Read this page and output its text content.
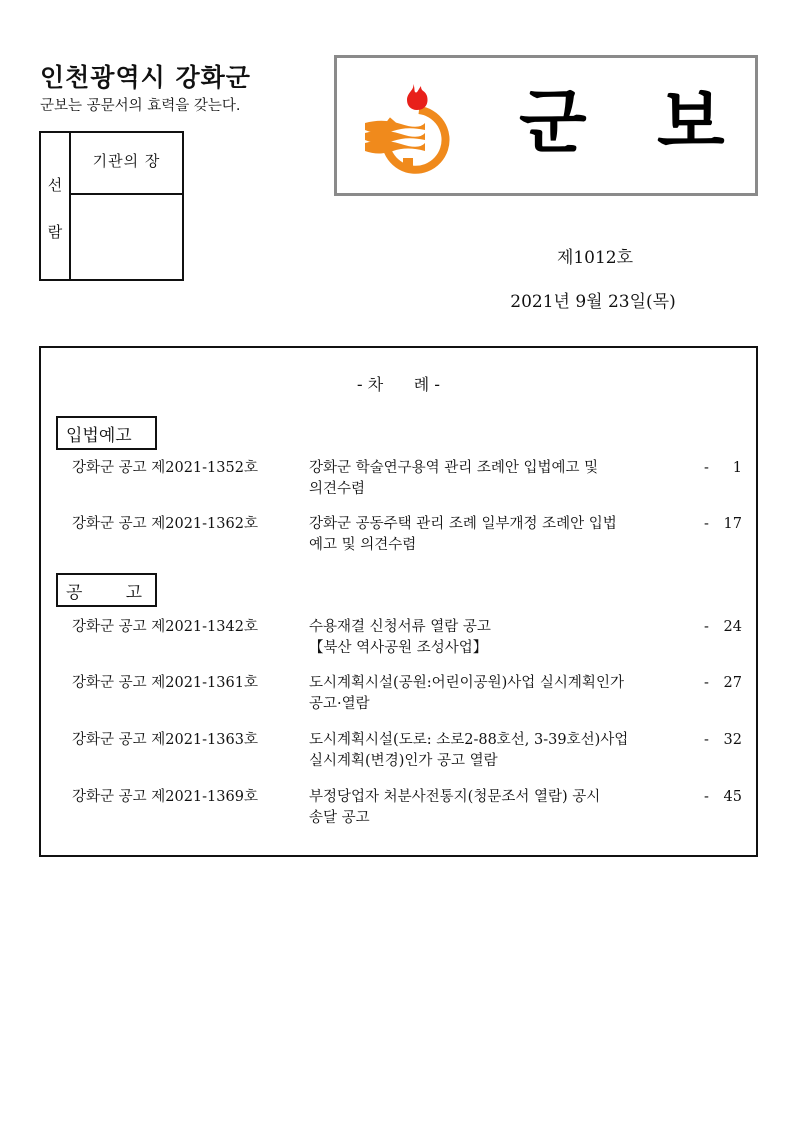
인천광역시 강화군
군보는 공문서의 효력을 갖는다.
선
람
기관의 장	군 보
제1012호
2021년 9월 23일(목)
- 차      례 -
입법예고
강화군 공고 제2021-1352호	강화군 학술연구용역 관리 조례안 입법예고 및
의견수렴
-	1
강화군 공고 제2021-1362호	강화군 공동주택 관리 조례 일부개정 조례안 입법
예고 및 의견수렴
-	17
공        고
강화군 공고 제2021-1342호	수용재결 신청서류 열람 공고
【북산 역사공원 조성사업】
-	24
강화군 공고 제2021-1361호	도시계획시설(공원:어린이공원)사업 실시계획인가
공고·열람
-	27
강화군 공고 제2021-1363호	도시계획시설(도로: 소로2-88호선, 3-39호선)사업
실시계획(변경)인가 공고 열람
-	32
강화군 공고 제2021-1369호	부정당업자 처분사전통지(청문조서 열람) 공시
송달 공고
-	45
